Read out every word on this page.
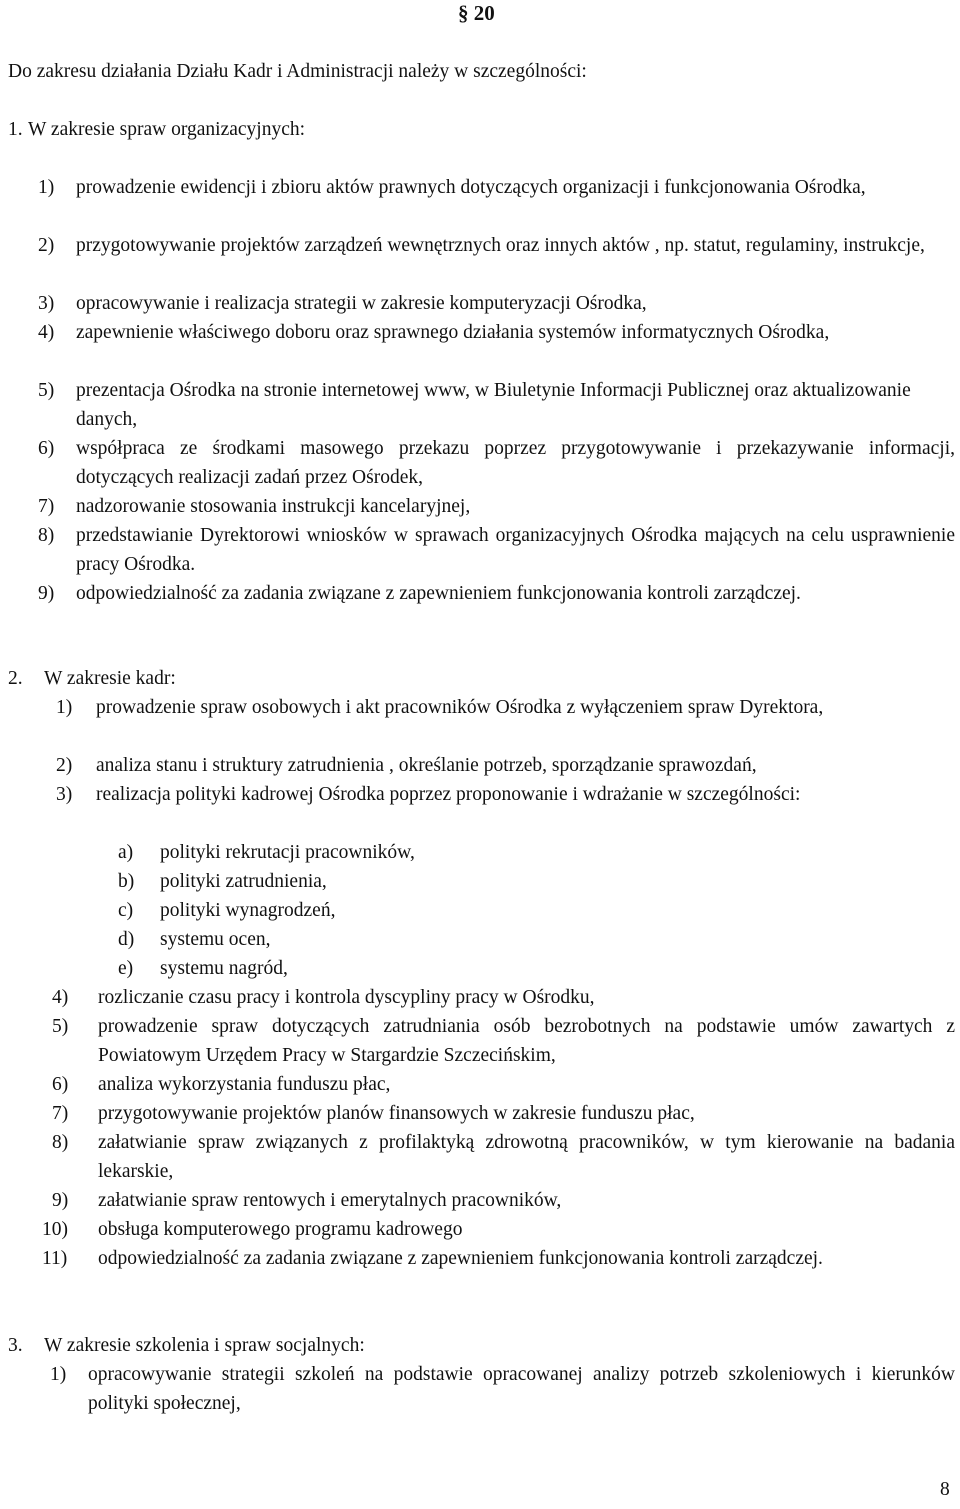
§ 20
Do zakresu działania Działu Kadr i Administracji należy w szczególności:
1. W zakresie spraw organizacyjnych:
1) prowadzenie ewidencji i zbioru aktów prawnych dotyczących organizacji i funkcjonowania Ośrodka,
2) przygotowywanie projektów zarządzeń wewnętrznych oraz innych aktów , np. statut, regulaminy, instrukcje,
3) opracowywanie i realizacja strategii w zakresie komputeryzacji Ośrodka,
4) zapewnienie właściwego doboru oraz sprawnego działania systemów informatycznych Ośrodka,
5) prezentacja Ośrodka na stronie internetowej www, w Biuletynie Informacji Publicznej oraz aktualizowanie danych,
6) współpraca ze środkami masowego przekazu poprzez przygotowywanie i przekazywanie informacji, dotyczących realizacji zadań przez Ośrodek,
7) nadzorowanie stosowania instrukcji kancelaryjnej,
8) przedstawianie Dyrektorowi wniosków w sprawach organizacyjnych Ośrodka mających na celu usprawnienie pracy Ośrodka.
9) odpowiedzialność za zadania związane z zapewnieniem funkcjonowania kontroli zarządczej.
2. W zakresie kadr:
1) prowadzenie spraw osobowych i akt pracowników Ośrodka z wyłączeniem spraw Dyrektora,
2) analiza stanu i struktury zatrudnienia , określanie potrzeb, sporządzanie sprawozdań,
3) realizacja polityki kadrowej Ośrodka poprzez proponowanie i wdrażanie w szczególności:
a) polityki rekrutacji pracowników,
b) polityki zatrudnienia,
c) polityki wynagrodzeń,
d) systemu ocen,
e) systemu nagród,
4) rozliczanie czasu pracy i kontrola dyscypliny pracy w Ośrodku,
5) prowadzenie spraw dotyczących zatrudniania osób bezrobotnych na podstawie umów zawartych z Powiatowym Urzędem Pracy w Stargardzie Szczecińskim,
6) analiza wykorzystania funduszu płac,
7) przygotowywanie projektów planów finansowych w zakresie funduszu płac,
8) załatwianie spraw związanych z profilaktyką zdrowotną pracowników, w tym kierowanie na badania lekarskie,
9) załatwianie spraw rentowych i emerytalnych pracowników,
10) obsługa komputerowego programu kadrowego
11) odpowiedzialność za zadania związane z zapewnieniem funkcjonowania kontroli zarządczej.
3. W zakresie szkolenia i spraw socjalnych:
1) opracowywanie strategii szkoleń na podstawie opracowanej analizy potrzeb szkoleniowych i kierunków polityki społecznej,
8
